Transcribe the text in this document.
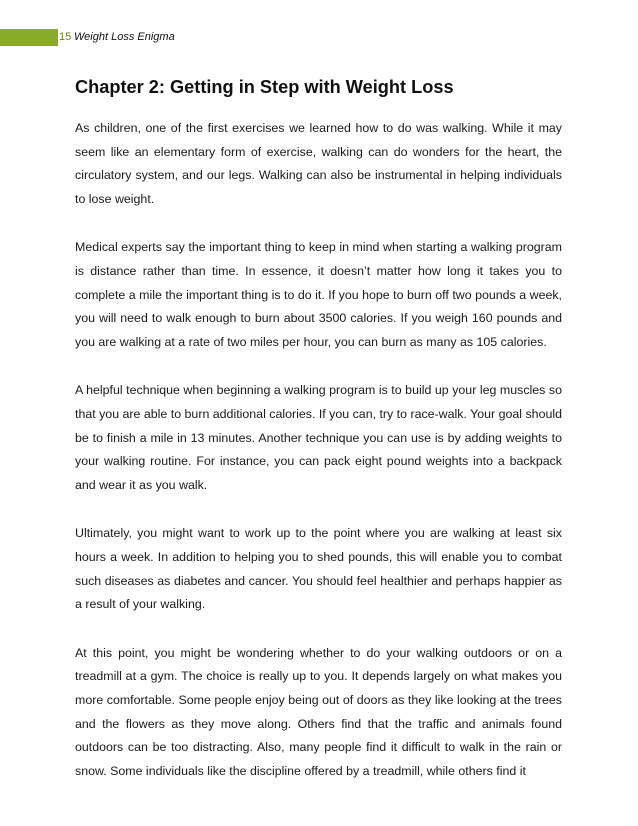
15 Weight Loss Enigma
Chapter 2: Getting in Step with Weight Loss

As children, one of the first exercises we learned how to do was walking. While it may seem like an elementary form of exercise, walking can do wonders for the heart, the circulatory system, and our legs. Walking can also be instrumental in helping individuals to lose weight.

Medical experts say the important thing to keep in mind when starting a walking program is distance rather than time. In essence, it doesn’t matter how long it takes you to complete a mile the important thing is to do it. If you hope to burn off two pounds a week, you will need to walk enough to burn about 3500 calories. If you weigh 160 pounds and you are walking at a rate of two miles per hour, you can burn as many as 105 calories.

A helpful technique when beginning a walking program is to build up your leg muscles so that you are able to burn additional calories. If you can, try to race-walk. Your goal should be to finish a mile in 13 minutes. Another technique you can use is by adding weights to your walking routine. For instance, you can pack eight pound weights into a backpack and wear it as you walk.

Ultimately, you might want to work up to the point where you are walking at least six hours a week. In addition to helping you to shed pounds, this will enable you to combat such diseases as diabetes and cancer. You should feel healthier and perhaps happier as a result of your walking.

At this point, you might be wondering whether to do your walking outdoors or on a treadmill at a gym. The choice is really up to you. It depends largely on what makes you more comfortable. Some people enjoy being out of doors as they like looking at the trees and the flowers as they move along. Others find that the traffic and animals found outdoors can be too distracting. Also, many people find it difficult to walk in the rain or snow. Some individuals like the discipline offered by a treadmill, while others find it
